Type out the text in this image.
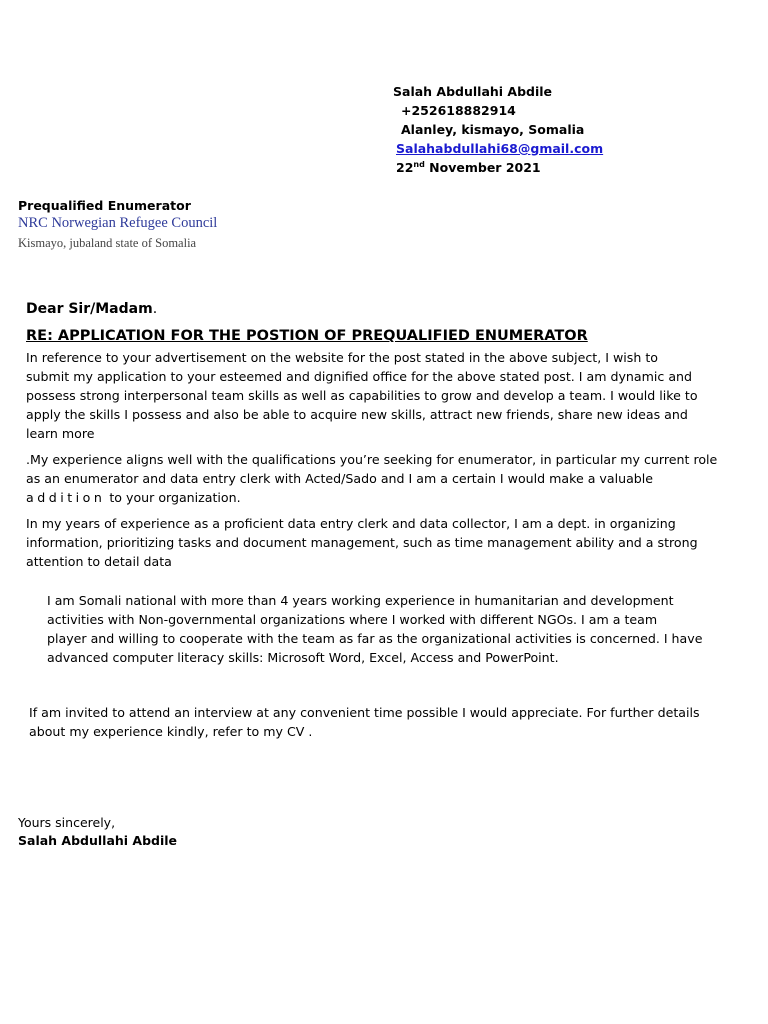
Salah Abdullahi Abdile
+252618882914
Alanley, kismayo, Somalia
Salahabdullahi68@gmail.com
22nd November 2021
Prequalified Enumerator
NRC Norwegian Refugee Council
Kismayo, jubaland state of Somalia
Dear Sir/Madam.
RE: APPLICATION FOR THE POSTION OF PREQUALIFIED ENUMERATOR
In reference to your advertisement on the website for the post stated in the above subject, I wish to
submit my application to your esteemed and dignified office for the above stated post. I am dynamic and
possess strong interpersonal team skills as well as capabilities to grow and develop a team. I would like to
apply the skills I possess and also be able to acquire new skills, attract new friends, share new ideas and
learn more
.My experience aligns well with the qualifications you’re seeking for enumerator, in particular my current role
as an enumerator and data entry clerk with Acted/Sado and I am a certain I would make a valuable
addition to your organization.
In my years of experience as a proficient data entry clerk and data collector, I am a dept. in organizing
information, prioritizing tasks and document management, such as time management ability and a strong
attention to detail data
I am Somali national with more than 4 years working experience in humanitarian and development
activities with Non-governmental organizations where I worked with different NGOs. I am a team
player and willing to cooperate with the team as far as the organizational activities is concerned. I have
advanced computer literacy skills: Microsoft Word, Excel, Access and PowerPoint.
If am invited to attend an interview at any convenient time possible I would appreciate. For further details
about my experience kindly, refer to my CV .
Yours sincerely,
Salah Abdullahi Abdile
